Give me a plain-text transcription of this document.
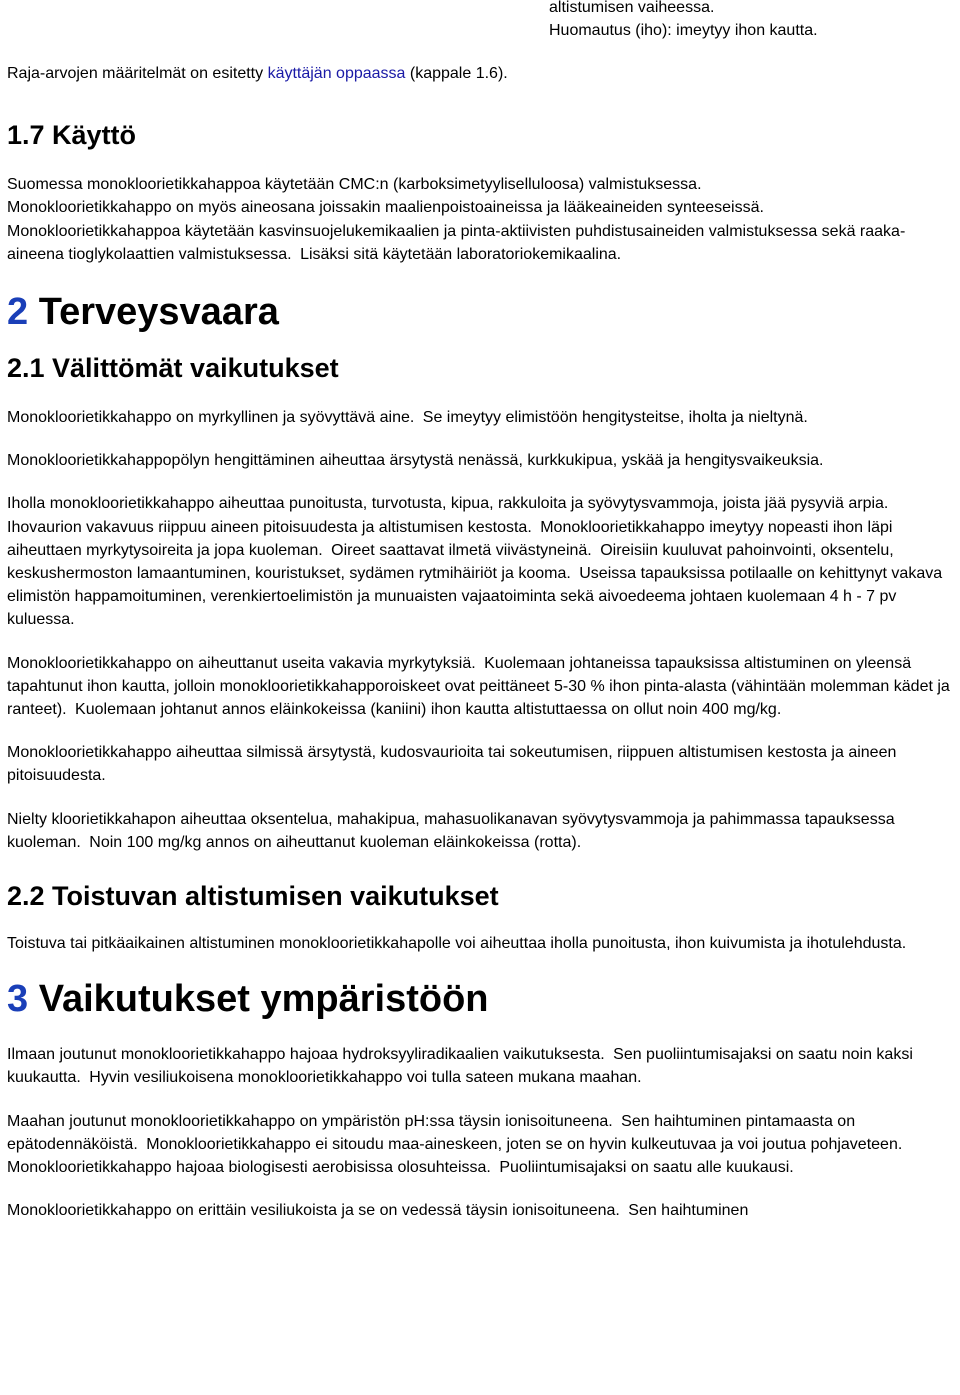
altistumisen vaiheessa.
Huomautus (iho): imeytyy ihon kautta.

Raja-arvojen määritelmät on esitetty käyttäjän oppaassa (kappale 1.6).

1.7 Käyttö

Suomessa monokloorietikkahappoa käytetään CMC:n (karboksimetyyliselluloosa) valmistuksessa.
Monokloorietikkahappo on myös aineosana joissakin maalienpoistoaineissa ja lääkeaineiden synteeseissä.
Monokloorietikkahappoa käytetään kasvinsuojelukemikaalien ja pinta-aktiivisten puhdistusaineiden valmistuksessa sekä raaka-aineena tioglykolaattien valmistuksessa. Lisäksi sitä käytetään laboratoriokemikaalina.

2 Terveysvaara
2.1 Välittömät vaikutukset

Monokloorietikkahappo on myrkyllinen ja syövyttävä aine. Se imeytyy elimistöön hengitysteitse, iholta ja nieltynä.

Monokloorietikkahappopölyn hengittäminen aiheuttaa ärsytystä nenässä, kurkkukipua, yskää ja hengitysvaikeuksia.

Iholla monokloorietikkahappo aiheuttaa punoitusta, turvotusta, kipua, rakkuloita ja syövytysvammoja, joista jää pysyviä arpia. Ihovaurion vakavuus riippuu aineen pitoisuudesta ja altistumisen kestosta. Monokloorietikkahappo imeytyy nopeasti ihon läpi aiheuttaen myrkytysoireita ja jopa kuoleman. Oireet saattavat ilmetä viivästyneinä. Oireisiin kuuluvat pahoinvointi, oksentelu, keskushermoston lamaantuminen, kouristukset, sydämen rytmihäiriöt ja kooma. Useissa tapauksissa potilaalle on kehittynyt vakava elimistön happamoituminen, verenkiertoelimistön ja munuaisten vajaatoiminta sekä aivoedeema johtaen kuolemaan 4 h - 7 pv kuluessa.

Monokloorietikkahappo on aiheuttanut useita vakavia myrkytyksiä. Kuolemaan johtaneissa tapauksissa altistuminen on yleensä tapahtunut ihon kautta, jolloin monokloorietikkahapporoiskeet ovat peittäneet 5-30 % ihon pinta-alasta (vähintään molemman kädet ja ranteet). Kuolemaan johtanut annos eläinkokeissa (kaniini) ihon kautta altistuttaessa on ollut noin 400 mg/kg.

Monokloorietikkahappo aiheuttaa silmissä ärsytystä, kudosvaurioita tai sokeutumisen, riippuen altistumisen kestosta ja aineen pitoisuudesta.

Nielty kloorietikkahapon aiheuttaa oksentelua, mahakipua, mahasuolikanavan syövytysvammoja ja pahimmassa tapauksessa kuoleman. Noin 100 mg/kg annos on aiheuttanut kuoleman eläinkokeissa (rotta).

2.2 Toistuvan altistumisen vaikutukset

Toistuva tai pitkäaikainen altistuminen monokloorietikkahapolle voi aiheuttaa iholla punoitusta, ihon kuivumista ja ihotulehdusta.

3 Vaikutukset ympäristöön

Ilmaan joutunut monokloorietikkahappo hajoaa hydroksyyliradikaalien vaikutuksesta. Sen puoliintumisajaksi on saatu noin kaksi kuukautta. Hyvin vesiliukoisena monokloorietikkahappo voi tulla sateen mukana maahan.

Maahan joutunut monokloorietikkahappo on ympäristön pH:ssa täysin ionisoituneena. Sen haihtuminen pintamaasta on epätodennäköistä. Monokloorietikkahappo ei sitoudu maa-aineskeen, joten se on hyvin kulkeutuvaa ja voi joutua pohjaveteen. Monokloorietikkahappo hajoaa biologisesti aerobisissa olosuhteissa. Puoliintumisajaksi on saatu alle kuukausi.

Monokloorietikkahappo on erittäin vesiliukoista ja se on vedessä täysin ionisoituneena. Sen haihtuminen
